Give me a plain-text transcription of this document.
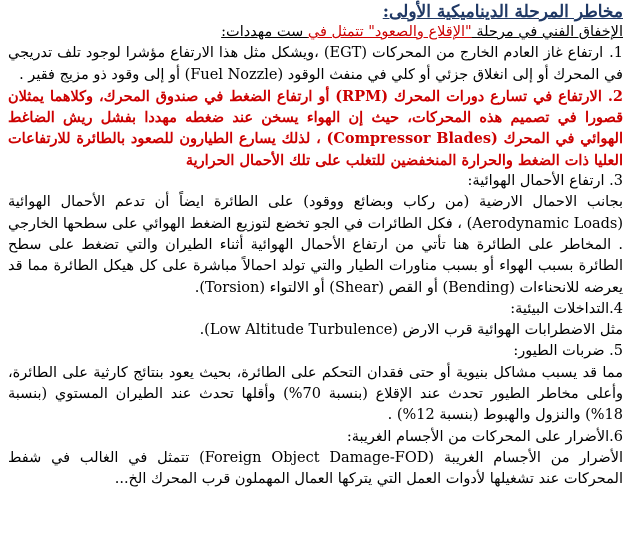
مخاطر المرحلة الديناميكية الأولى:

الإخفاق الفني في مرحلة "الإقلاع والصعود" تتمثل في ست مهددات:

1.ارتفاع غاز العادم الخارج من المحركات (EGT) ،ويشكل مثل هذا الارتفاع مؤشرا لوجود تلف تدريجي في المحرك أو إلى انغلاق جزئي أو كلي في منفث الوقود (Fuel Nozzle) أو إلى وقود ذو مزيج فقير .

2.الارتفاع في تسارع دورات المحرك (RPM) أو ارتفاع الضغط في صندوق المحرك، وكلاهما يمثلان قصورا في تصميم هذه المحركات، حيث إن الهواء يسخن عند ضغطه مهددا بفشل ريش الضاغط الهوائي في المحرك (Compressor Blades) ، لذلك يسارع الطيارون للصعود بالطائرة للارتفاعات العليا ذات الضغط والحرارة المنخفضين للتغلب على تلك الأحمال الحرارية

3. ارتفاع الأحمال الهوائية:

بجانب الاحمال الارضية (من ركاب وبضائع ووقود) على الطائرة ايضاً أن تدعم الأحمال الهوائية (Aerodynamic Loads) ، فكل الطائرات في الجو تخضع لتوزيع الضغط الهوائي على سطحها الخارجي . المخاطر على الطائرة هنا تأتي من ارتفاع الأحمال الهوائية أثناء الطيران والتي تضغط على سطح الطائرة بسبب الهواء أو بسبب مناورات الطيار والتي تولد احمالاً مباشرة على كل هيكل الطائرة مما قد يعرضه للانحناءات (Bending) أو القص (Shear) أو الالتواء (Torsion).

4.التداخلات البيئية:

مثل الاضطرابات الهوائية قرب الارض (Low Altitude Turbulence).

5. ضربات الطيور:

مما قد يسبب مشاكل بنيوية أو حتى فقدان التحكم على الطائرة، بحيث يعود بنتائج كارثية على الطائرة، وأعلى مخاطر الطيور تحدث عند الإقلاع (بنسبة 70%) وأقلها تحدث عند الطيران المستوي (بنسبة 18%) والنزول والهبوط (بنسبة 12%) .

6.الأضرار على المحركات من الأجسام الغريبة:

الأضرار من الأجسام الغريبة (Foreign Object Damage-FOD) تتمثل في الغالب في شفط المحركات عند تشغيلها لأدوات العمل التي يتركها العمال المهملون قرب المحرك الخ...
